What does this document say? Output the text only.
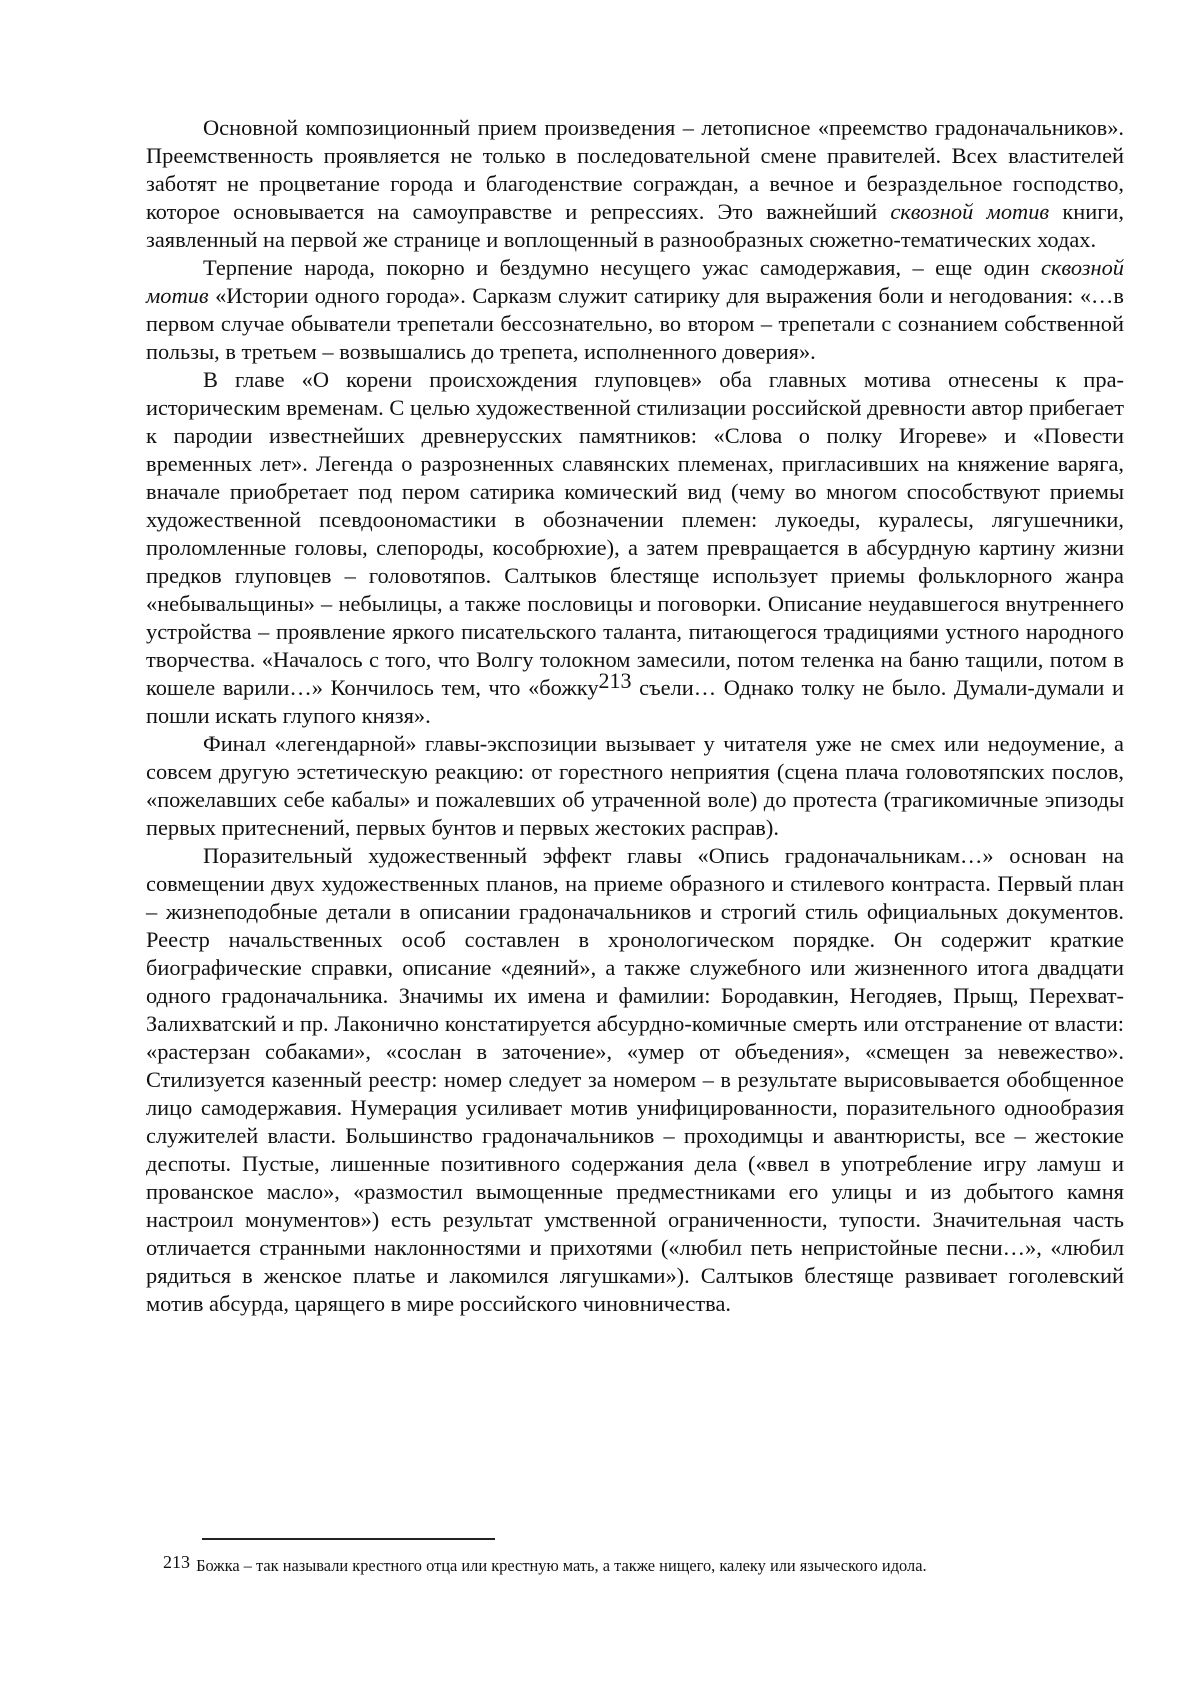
Основной композиционный прием произведения – летописное «преемство градоначальников». Преемственность проявляется не только в последовательной смене правителей. Всех властителей заботят не процветание города и благоденствие сограждан, а вечное и безраздельное господство, которое основывается на самоуправстве и репрессиях. Это важнейший сквозной мотив книги, заявленный на первой же странице и воплощенный в разнообразных сюжетно-тематических ходах.

Терпение народа, покорно и бездумно несущего ужас самодержавия, – еще один сквозной мотив «Истории одного города». Сарказм служит сатирику для выражения боли и негодования: «…в первом случае обыватели трепетали бессознательно, во втором – трепетали с сознанием собственной пользы, в третьем – возвышались до трепета, исполненного доверия».

В главе «О корени происхождения глуповцев» оба главных мотива отнесены к пра-историческим временам. С целью художественной стилизации российской древности автор прибегает к пародии известнейших древнерусских памятников: «Слова о полку Игореве» и «Повести временных лет». Легенда о разрозненных славянских племенах, пригласивших на княжение варяга, вначале приобретает под пером сатирика комический вид (чему во многом способствуют приемы художественной псевдоономастики в обозначении племен: лукоеды, куралесы, лягушечники, проломленные головы, слепороды, кособрюхие), а затем превращается в абсурдную картину жизни предков глуповцев – головотяпов. Салтыков блестяще использует приемы фольклорного жанра «небывальщины» – небылицы, а также пословицы и поговорки. Описание неудавшегося внутреннего устройства – проявление яркого писательского таланта, питающегося традициями устного народного творчества. «Началось с того, что Волгу толокном замесили, потом теленка на баню тащили, потом в кошеле варили…» Кончилось тем, что «божку213 съели… Однако толку не было. Думали-думали и пошли искать глупого князя».

Финал «легендарной» главы-экспозиции вызывает у читателя уже не смех или недоумение, а совсем другую эстетическую реакцию: от горестного неприятия (сцена плача головотяпских послов, «пожелавших себе кабалы» и пожалевших об утраченной воле) до протеста (трагикомичные эпизоды первых притеснений, первых бунтов и первых жестоких расправ).

Поразительный художественный эффект главы «Опись градоначальникам…» основан на совмещении двух художественных планов, на приеме образного и стилевого контраста. Первый план – жизнеподобные детали в описании градоначальников и строгий стиль официальных документов. Реестр начальственных особ составлен в хронологическом порядке. Он содержит краткие биографические справки, описание «деяний», а также служебного или жизненного итога двадцати одного градоначальника. Значимы их имена и фамилии: Бородавкин, Негодяев, Прыщ, Перехват-Залихватский и пр. Лаконично констатируется абсурдно-комичные смерть или отстранение от власти: «растерзан собаками», «сослан в заточение», «умер от объедения», «смещен за невежество». Стилизуется казенный реестр: номер следует за номером – в результате вырисовывается обобщенное лицо самодержавия. Нумерация усиливает мотив унифицированности, поразительного однообразия служителей власти. Большинство градоначальников – проходимцы и авантюристы, все – жестокие деспоты. Пустые, лишенные позитивного содержания дела («ввел в употребление игру ламуш и прованское масло», «размостил вымощенные предместниками его улицы и из добытого камня настроил монументов») есть результат умственной ограниченности, тупости. Значительная часть отличается странными наклонностями и прихотями («любил петь непристойные песни…», «любил рядиться в женское платье и лакомился лягушками»). Салтыков блестяще развивает гоголевский мотив абсурда, царящего в мире российского чиновничества.

213 Божка – так называли крестного отца или крестную мать, а также нищего, калеку или языческого идола.
